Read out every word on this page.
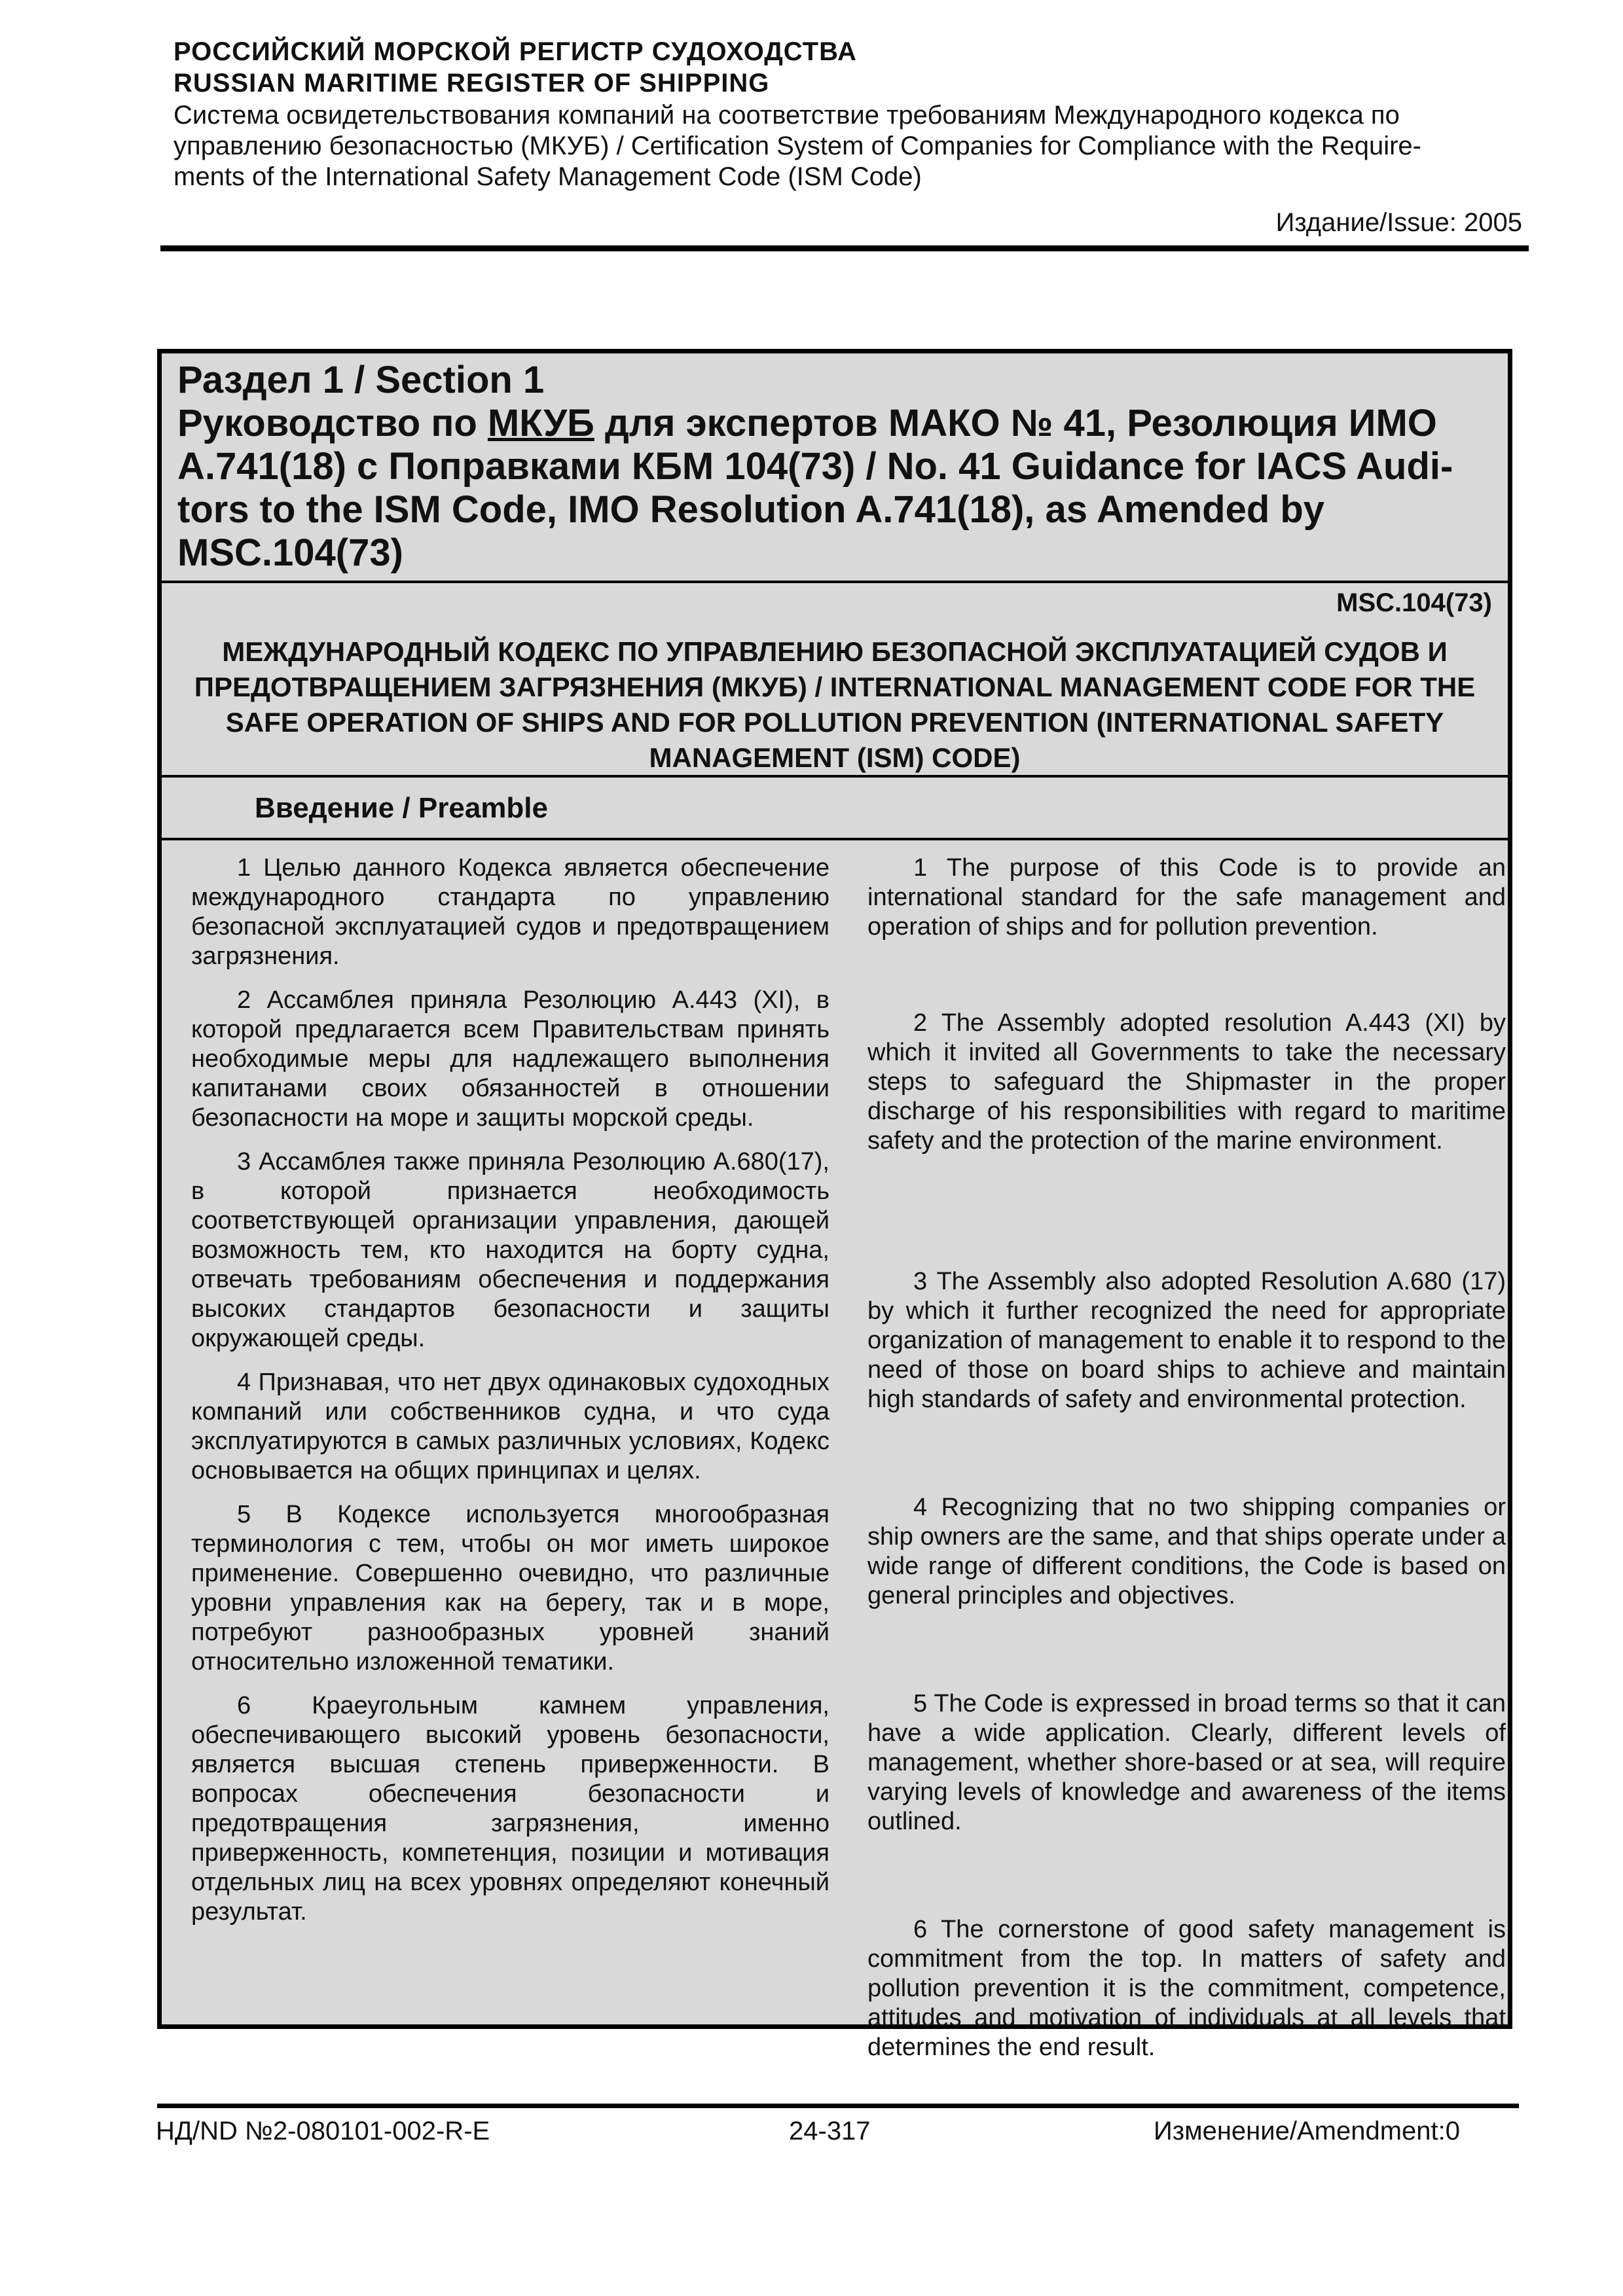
РОССИЙСКИЙ МОРСКОЙ РЕГИСТР СУДОХОДСТВА
RUSSIAN MARITIME REGISTER OF SHIPPING
Система освидетельствования компаний на соответствие требованиям Международного кодекса по
управлению безопасностью (МКУБ) / Certification System of Companies for Compliance with the Require-
ments of the International Safety Management Code (ISM Code)
Издание/Issue: 2005
Раздел 1 / Section 1
Руководство по МКУБ для экспертов МАКО № 41, Резолюция ИМО А.741(18) с Поправками КБМ 104(73) / No. 41 Guidance for IACS Audi-tors to the ISM Code, IMO Resolution A.741(18), as Amended by MSC.104(73)
MSC.104(73)
МЕЖДУНАРОДНЫЙ КОДЕКС ПО УПРАВЛЕНИЮ БЕЗОПАСНОЙ ЭКСПЛУАТАЦИЕЙ СУДОВ И ПРЕДОТВРАЩЕНИЕМ ЗАГРЯЗНЕНИЯ (МКУБ) / INTERNATIONAL MANAGEMENT CODE FOR THE SAFE OPERATION OF SHIPS AND FOR POLLUTION PREVENTION (INTERNATIONAL SAFETY MANAGEMENT (ISM) CODE)
Введение / Preamble

1 Целью данного Кодекса является обеспечение международного стандарта по управлению безопасной эксплуатацией судов и предотвращением загрязнения.

2 Ассамблея приняла Резолюцию А.443 (XI), в которой предлагается всем Правительствам принять необходимые меры для надлежащего выполнения капитанами своих обязанностей в отношении безопасности на море и защиты морской среды.

3 Ассамблея также приняла Резолюцию А.680(17), в которой признается необходимость соответствующей организации управления, дающей возможность тем, кто находится на борту судна, отвечать требованиям обеспечения и поддержания высоких стандартов безопасности и защиты окружающей среды.

4 Признавая, что нет двух одинаковых судоходных компаний или собственников судна, и что суда эксплуатируются в самых различных условиях, Кодекс основывается на общих принципах и целях.

5 В Кодексе используется многообразная терминология с тем, чтобы он мог иметь широкое применение. Совершенно очевидно, что различные уровни управления как на берегу, так и в море, потребуют разнообразных уровней знаний относительно изложенной тематики.

6 Краеугольным камнем управления, обеспечивающего высокий уровень безопасности, является высшая степень приверженности. В вопросах обеспечения безопасности и предотвращения загрязнения, именно приверженность, компетенция, позиции и мотивация отдельных лиц на всех уровнях определяют конечный результат.

1 The purpose of this Code is to provide an international standard for the safe management and operation of ships and for pollution prevention.

2 The Assembly adopted resolution A.443 (XI) by which it invited all Governments to take the necessary steps to safeguard the Shipmaster in the proper discharge of his responsibilities with regard to maritime safety and the protection of the marine environment.

3 The Assembly also adopted Resolution A.680 (17) by which it further recognized the need for appropriate organization of management to enable it to respond to the need of those on board ships to achieve and maintain high standards of safety and environmental protection.

4 Recognizing that no two shipping companies or ship owners are the same, and that ships operate under a wide range of different conditions, the Code is based on general principles and objectives.

5 The Code is expressed in broad terms so that it can have a wide application. Clearly, different levels of management, whether shore-based or at sea, will require varying levels of knowledge and awareness of the items outlined.

6 The cornerstone of good safety management is commitment from the top. In matters of safety and pollution prevention it is the commitment, competence, attitudes and motivation of individuals at all levels that determines the end result.

НД/ND №2-080101-002-R-E	24-317	Изменение/Amendment:0
